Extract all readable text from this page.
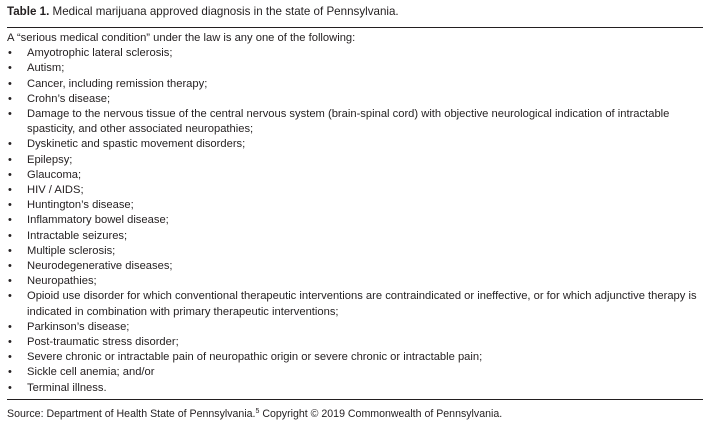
Table 1. Medical marijuana approved diagnosis in the state of Pennsylvania.
A “serious medical condition” under the law is any one of the following:
• Amyotrophic lateral sclerosis;
• Autism;
• Cancer, including remission therapy;
• Crohn’s disease;
• Damage to the nervous tissue of the central nervous system (brain-spinal cord) with objective neurological indication of intractable spasticity, and other associated neuropathies;
• Dyskinetic and spastic movement disorders;
• Epilepsy;
• Glaucoma;
• HIV / AIDS;
• Huntington’s disease;
• Inflammatory bowel disease;
• Intractable seizures;
• Multiple sclerosis;
• Neurodegenerative diseases;
• Neuropathies;
• Opioid use disorder for which conventional therapeutic interventions are contraindicated or ineffective, or for which adjunctive therapy is indicated in combination with primary therapeutic interventions;
• Parkinson’s disease;
• Post-traumatic stress disorder;
• Severe chronic or intractable pain of neuropathic origin or severe chronic or intractable pain;
• Sickle cell anemia; and/or
• Terminal illness.
Source: Department of Health State of Pennsylvania.$^5$ Copyright © 2019 Commonwealth of Pennsylvania.
